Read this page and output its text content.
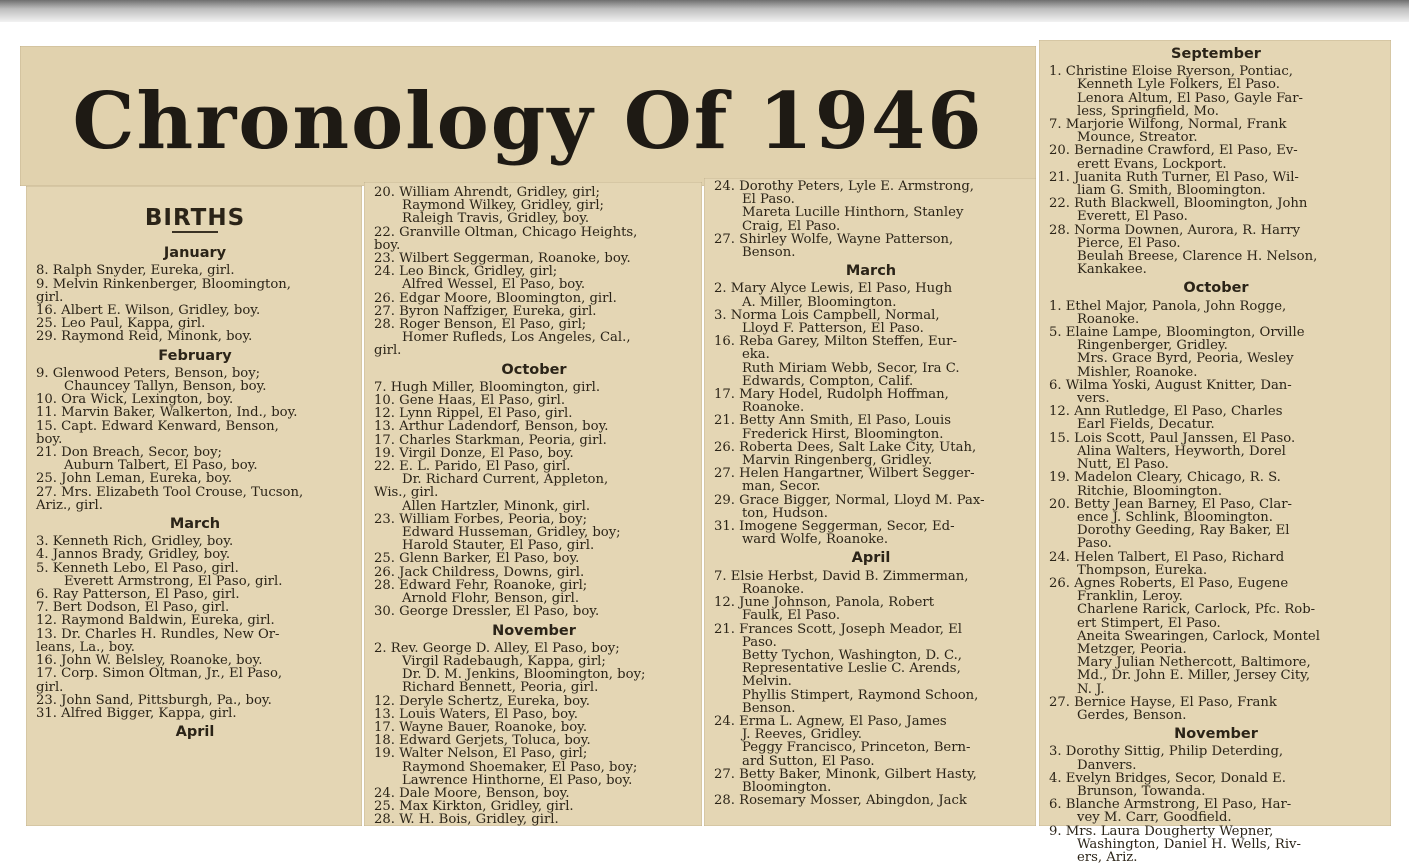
Chronology Of 1946
BIRTHS
January
8. Ralph Snyder, Eureka, girl.
9. Melvin Rinkenberger, Bloomington,
girl.
16. Albert E. Wilson, Gridley, boy.
25. Leo Paul, Kappa, girl.
29. Raymond Reid, Minonk, boy.
February
9. Glenwood Peters, Benson, boy;
Chauncey Tallyn, Benson, boy.
10. Ora Wick, Lexington, boy.
11. Marvin Baker, Walkerton, Ind., boy.
15. Capt. Edward Kenward, Benson,
boy.
21. Don Breach, Secor, boy;
Auburn Talbert, El Paso, boy.
25. John Leman, Eureka, boy.
27. Mrs. Elizabeth Tool Crouse, Tucson,
Ariz., girl.
March
3. Kenneth Rich, Gridley, boy.
4. Jannos Brady, Gridley, boy.
5. Kenneth Lebo, El Paso, girl.
Everett Armstrong, El Paso, girl.
6. Ray Patterson, El Paso, girl.
7. Bert Dodson, El Paso, girl.
12. Raymond Baldwin, Eureka, girl.
13. Dr. Charles H. Rundles, New Or-
leans, La., boy.
16. John W. Belsley, Roanoke, boy.
17. Corp. Simon Oltman, Jr., El Paso,
girl.
23. John Sand, Pittsburgh, Pa., boy.
31. Alfred Bigger, Kappa, girl.
April
20. William Ahrendt, Gridley, girl;
Raymond Wilkey, Gridley, girl;
Raleigh Travis, Gridley, boy.
22. Granville Oltman, Chicago Heights,
boy.
23. Wilbert Seggerman, Roanoke, boy.
24. Leo Binck, Gridley, girl;
Alfred Wessel, El Paso, boy.
26. Edgar Moore, Bloomington, girl.
27. Byron Naffziger, Eureka, girl.
28. Roger Benson, El Paso, girl;
Homer Rufleds, Los Angeles, Cal.,
girl.
October
7. Hugh Miller, Bloomington, girl.
10. Gene Haas, El Paso, girl.
12. Lynn Rippel, El Paso, girl.
13. Arthur Ladendorf, Benson, boy.
17. Charles Starkman, Peoria, girl.
19. Virgil Donze, El Paso, boy.
22. E. L. Parido, El Paso, girl.
Dr. Richard Current, Appleton,
Wis., girl.
Allen Hartzler, Minonk, girl.
23. William Forbes, Peoria, boy;
Edward Husseman, Gridley, boy;
Harold Stauter, El Paso, girl.
25. Glenn Barker, El Paso, boy.
26. Jack Childress, Downs, girl.
28. Edward Fehr, Roanoke, girl;
Arnold Flohr, Benson, girl.
30. George Dressler, El Paso, boy.
November
2. Rev. George D. Alley, El Paso, boy;
Virgil Radebaugh, Kappa, girl;
Dr. D. M. Jenkins, Bloomington, boy;
Richard Bennett, Peoria, girl.
12. Deryle Schertz, Eureka, boy.
13. Louis Waters, El Paso, boy.
17. Wayne Bauer, Roanoke, boy.
18. Edward Gerjets, Toluca, boy.
19. Walter Nelson, El Paso, girl;
Raymond Shoemaker, El Paso, boy;
Lawrence Hinthorne, El Paso, boy.
24. Dale Moore, Benson, boy.
25. Max Kirkton, Gridley, girl.
28. W. H. Bois, Gridley, girl.
24. Dorothy Peters, Lyle E. Armstrong,
El Paso.
Mareta Lucille Hinthorn, Stanley
Craig, El Paso.
27. Shirley Wolfe, Wayne Patterson,
Benson.
March
2. Mary Alyce Lewis, El Paso, Hugh
A. Miller, Bloomington.
3. Norma Lois Campbell, Normal,
Lloyd F. Patterson, El Paso.
16. Reba Garey, Milton Steffen, Eur-
eka.
Ruth Miriam Webb, Secor, Ira C.
Edwards, Compton, Calif.
17. Mary Hodel, Rudolph Hoffman,
Roanoke.
21. Betty Ann Smith, El Paso, Louis
Frederick Hirst, Bloomington.
26. Roberta Dees, Salt Lake City, Utah,
Marvin Ringenberg, Gridley.
27. Helen Hangartner, Wilbert Segger-
man, Secor.
29. Grace Bigger, Normal, Lloyd M. Pax-
ton, Hudson.
31. Imogene Seggerman, Secor, Ed-
ward Wolfe, Roanoke.
April
7. Elsie Herbst, David B. Zimmerman,
Roanoke.
12. June Johnson, Panola, Robert
Faulk, El Paso.
21. Frances Scott, Joseph Meador, El
Paso.
Betty Tychon, Washington, D. C.,
Representative Leslie C. Arends,
Melvin.
Phyllis Stimpert, Raymond Schoon,
Benson.
24. Erma L. Agnew, El Paso, James
J. Reeves, Gridley.
Peggy Francisco, Princeton, Bern-
ard Sutton, El Paso.
27. Betty Baker, Minonk, Gilbert Hasty,
Bloomington.
28. Rosemary Mosser, Abingdon, Jack
September
1. Christine Eloise Ryerson, Pontiac,
Kenneth Lyle Folkers, El Paso.
Lenora Altum, El Paso, Gayle Far-
less, Springfield, Mo.
7. Marjorie Wilfong, Normal, Frank
Mounce, Streator.
20. Bernadine Crawford, El Paso, Ev-
erett Evans, Lockport.
21. Juanita Ruth Turner, El Paso, Wil-
liam G. Smith, Bloomington.
22. Ruth Blackwell, Bloomington, John
Everett, El Paso.
28. Norma Downen, Aurora, R. Harry
Pierce, El Paso.
Beulah Breese, Clarence H. Nelson,
Kankakee.
October
1. Ethel Major, Panola, John Rogge,
Roanoke.
5. Elaine Lampe, Bloomington, Orville
Ringenberger, Gridley.
Mrs. Grace Byrd, Peoria, Wesley
Mishler, Roanoke.
6. Wilma Yoski, August Knitter, Dan-
vers.
12. Ann Rutledge, El Paso, Charles
Earl Fields, Decatur.
15. Lois Scott, Paul Janssen, El Paso.
Alina Walters, Heyworth, Dorel
Nutt, El Paso.
19. Madelon Cleary, Chicago, R. S.
Ritchie, Bloomington.
20. Betty Jean Barney, El Paso, Clar-
ence J. Schlink, Bloomington.
Dorothy Geeding, Ray Baker, El
Paso.
24. Helen Talbert, El Paso, Richard
Thompson, Eureka.
26. Agnes Roberts, El Paso, Eugene
Franklin, Leroy.
Charlene Rarick, Carlock, Pfc. Rob-
ert Stimpert, El Paso.
Aneita Swearingen, Carlock, Montel
Metzger, Peoria.
Mary Julian Nethercott, Baltimore,
Md., Dr. John E. Miller, Jersey City,
N. J.
27. Bernice Hayse, El Paso, Frank
Gerdes, Benson.
November
3. Dorothy Sittig, Philip Deterding,
Danvers.
4. Evelyn Bridges, Secor, Donald E.
Brunson, Towanda.
6. Blanche Armstrong, El Paso, Har-
vey M. Carr, Goodfield.
9. Mrs. Laura Dougherty Wepner,
Washington, Daniel H. Wells, Riv-
ers, Ariz.
